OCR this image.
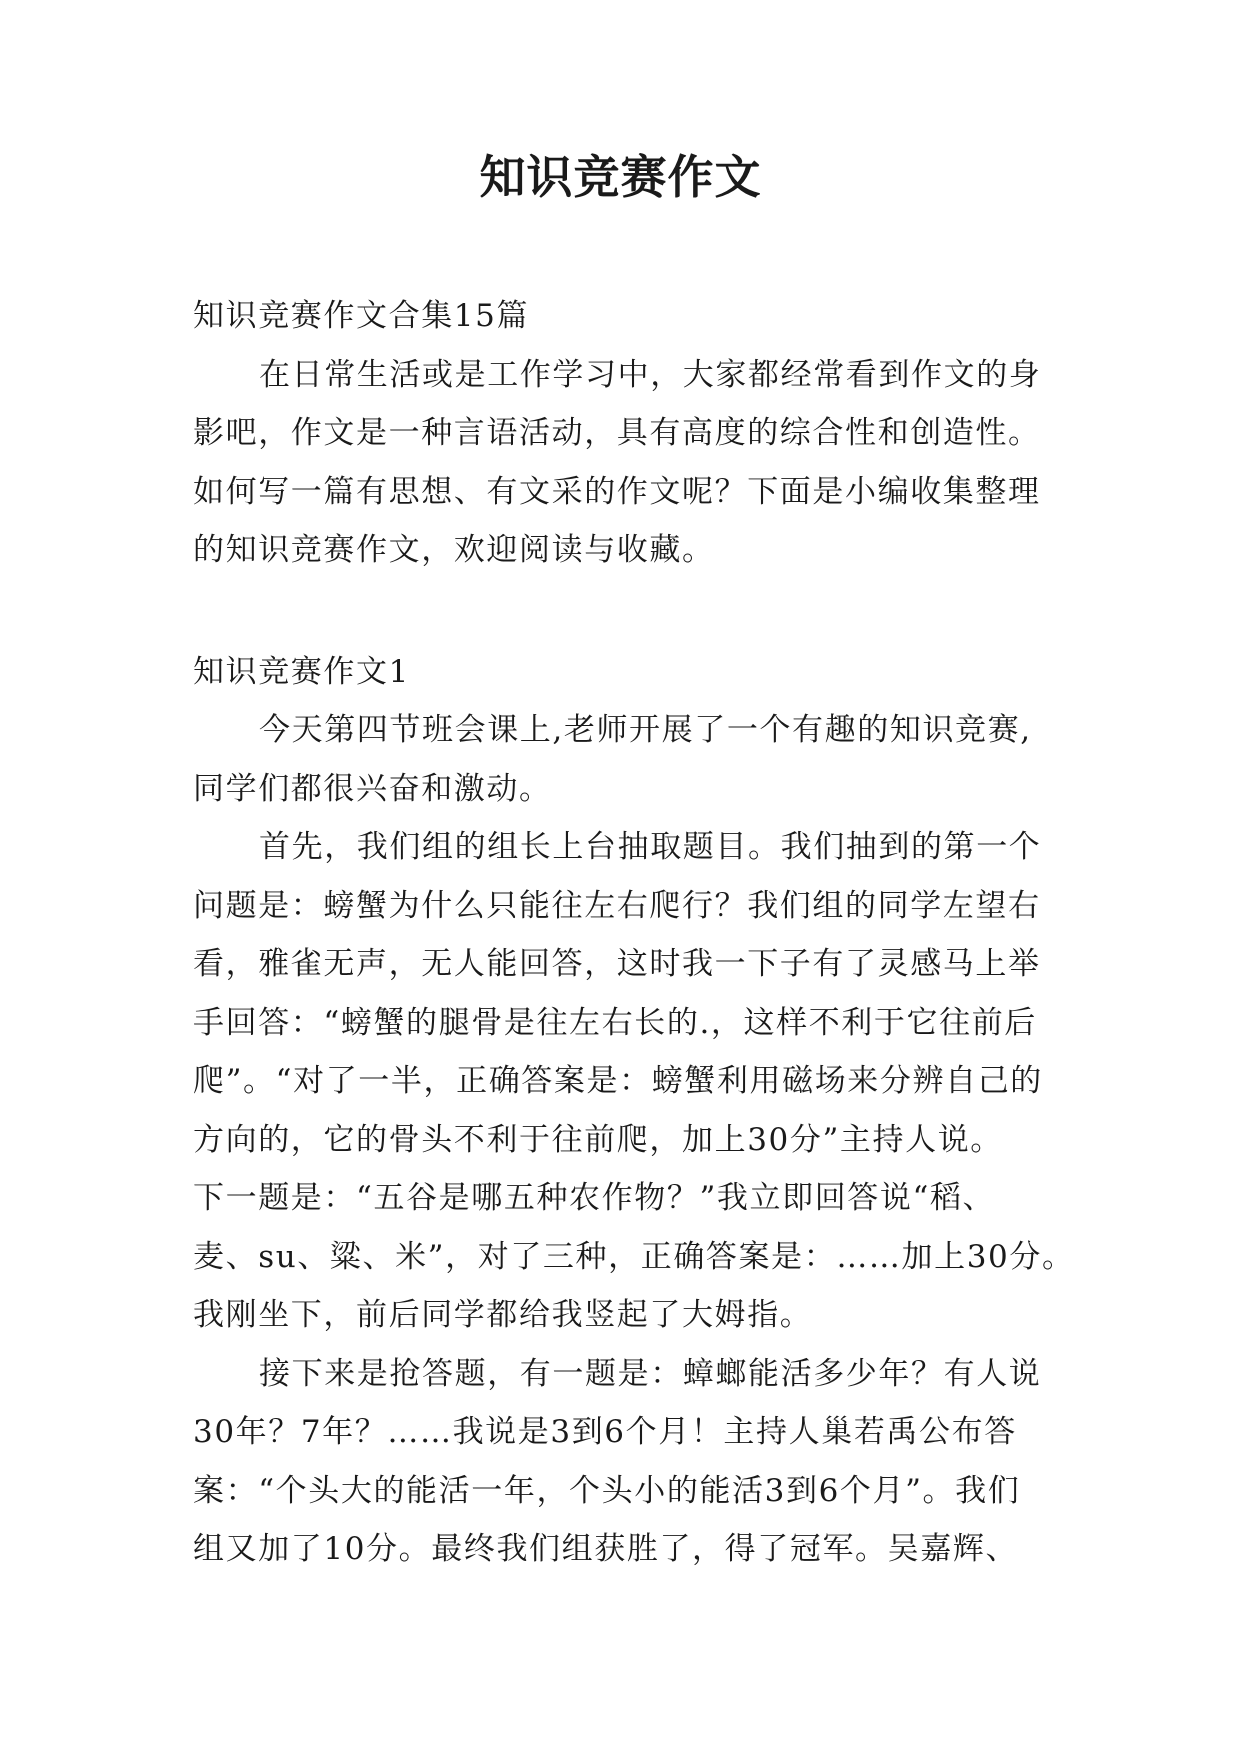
知识竞赛作文
知识竞赛作文合集15篇
在日常生活或是工作学习中，大家都经常看到作文的身
影吧，作文是一种言语活动，具有高度的综合性和创造性。
如何写一篇有思想、有文采的作文呢？下面是小编收集整理
的知识竞赛作文，欢迎阅读与收藏。
知识竞赛作文1
今天第四节班会课上,老师开展了一个有趣的知识竞赛,
同学们都很兴奋和激动。
首先，我们组的组长上台抽取题目。我们抽到的第一个
问题是：螃蟹为什么只能往左右爬行？我们组的同学左望右
看，雅雀无声，无人能回答，这时我一下子有了灵感马上举
手回答：“螃蟹的腿骨是往左右长的.，这样不利于它往前后
爬”。“对了一半，正确答案是：螃蟹利用磁场来分辨自己的
方向的，它的骨头不利于往前爬，加上30分”主持人说。
下一题是：“五谷是哪五种农作物？”我立即回答说“稻、
麦、su、粱、米”，对了三种，正确答案是：……加上30分。
我刚坐下，前后同学都给我竖起了大姆指。
接下来是抢答题，有一题是：蟑螂能活多少年？有人说
30年？7年？……我说是3到6个月！主持人巢若禹公布答
案：“个头大的能活一年，个头小的能活3到6个月”。我们
组又加了10分。最终我们组获胜了，得了冠军。吴嘉辉、
